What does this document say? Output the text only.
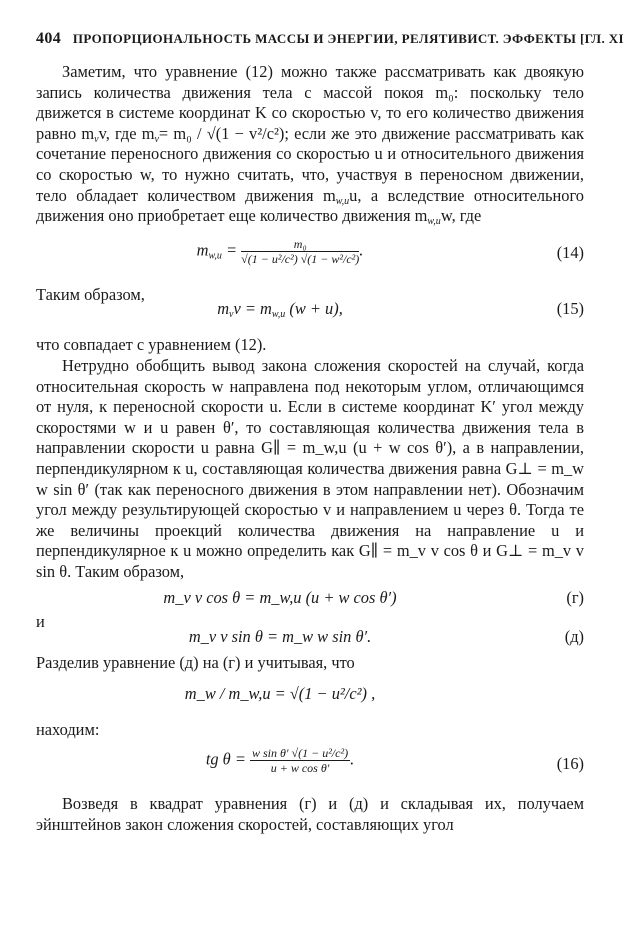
404 ПРОПОРЦИОНАЛЬНОСТЬ МАССЫ И ЭНЕРГИИ, РЕЛЯТИВИСТ. ЭФФЕКТЫ [ГЛ. XI

Заметим, что уравнение (12) можно также рассматривать как двоякую запись количества движения тела с массой покоя m₀: поскольку тело движется в системе координат K со скоростью v, то его количество движения равно $m_vv$, где $m_v= m_0 / √(1 - v^2/c^2)$; если же это движение рассматривать как сочетание переносного движения со скоростью u и относительного движения со скоростью w, то нужно считать, что, участвуя в переносном движении, тело обладает количеством движения $m_{w,u}u$, а вследствие относительного движения оно приобретает еще количество движения $m_{w,u}w$, где

$m_{w,u} = \frac{\text{m₀}}{\text{√(1 − u²/c²) √(1 − w²/c²)}}$ .	(14)

Таким образом,

$m_vv = m_{w,u}$ (w + u),	(15)

что совпадает с уравнением (12).

Нетрудно обобщить вывод закона сложения скоростей на случай, когда относительная скорость w направлена под некоторым углом, отличающимся от нуля, к переносной скорости u. Если в системе координат K′ угол между скоростями w и u равен θ′, то составляющая количества движения тела в направлении скорости u равна G∥ = m_w,u (u + w cos θ′), а в направлении, перпендикулярном к u, составляющая количества движения равна G⊥ = m_w w sin θ′ (так как переносного движения в этом направлении нет). Обозначим угол между результирующей скоростью v и направлением u через θ. Тогда те же величины проекций количества движения на направление u и перпендикулярное к u можно определить как G∥ = m_v v cos θ и G⊥ = m_v v sin θ. Таким образом,

m_v v cos θ = m_w,u (u + w cos θ′)	(г)

и

m_v v sin θ = m_w w sin θ′.	(д)

Разделив уравнение (д) на (г) и учитывая, что

m_w / m_w,u = √(1 − u²/c²) ,

находим:

tg $\theta = \frac{\text{w sin θ′ √(1 − u²/c²)}}{\text{u + w cos θ′}}$ .	(16)

Возведя в квадрат уравнения (г) и (д) и складывая их, получаем эйнштейнов закон сложения скоростей, составляющих угол
